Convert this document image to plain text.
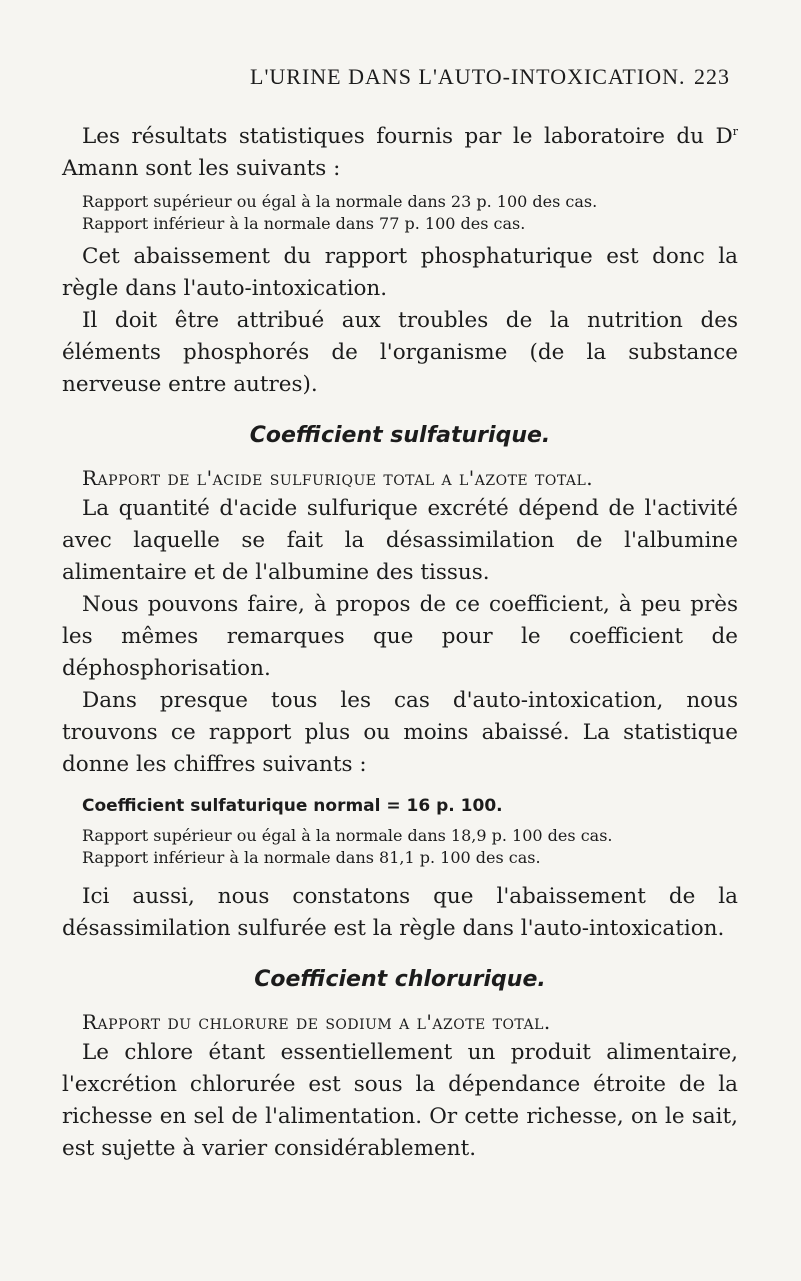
L'URINE DANS L'AUTO-INTOXICATION. 223

Les résultats statistiques fournis par le laboratoire du $D^r$ Amann sont les suivants :

Rapport supérieur ou égal à la normale dans 23 p. 100 des cas.

Rapport inférieur à la normale dans 77 p. 100 des cas.

Cet abaissement du rapport phosphaturique est donc la règle dans l'auto-intoxication.

Il doit être attribué aux troubles de la nutrition des éléments phosphorés de l'organisme (de la substance nerveuse entre autres).

Coefficient sulfaturique.

Rapport de l'acide sulfurique total a l'azote total.

La quantité d'acide sulfurique excrété dépend de l'activité avec laquelle se fait la désassimilation de l'albumine alimentaire et de l'albumine des tissus.

Nous pouvons faire, à propos de ce coefficient, à peu près les mêmes remarques que pour le coefficient de déphosphorisation.

Dans presque tous les cas d'auto-intoxication, nous trouvons ce rapport plus ou moins abaissé. La statistique donne les chiffres suivants :

Coefficient sulfaturique normal = 16 p. 100.

Rapport supérieur ou égal à la normale dans 18,9 p. 100 des cas.

Rapport inférieur à la normale dans 81,1 p. 100 des cas.

Ici aussi, nous constatons que l'abaissement de la désassimilation sulfurée est la règle dans l'auto-intoxication.

Coefficient chlorurique.

Rapport du chlorure de sodium a l'azote total.

Le chlore étant essentiellement un produit alimentaire, l'excrétion chlorurée est sous la dépendance étroite de la richesse en sel de l'alimentation. Or cette richesse, on le sait, est sujette à varier considérablement.
